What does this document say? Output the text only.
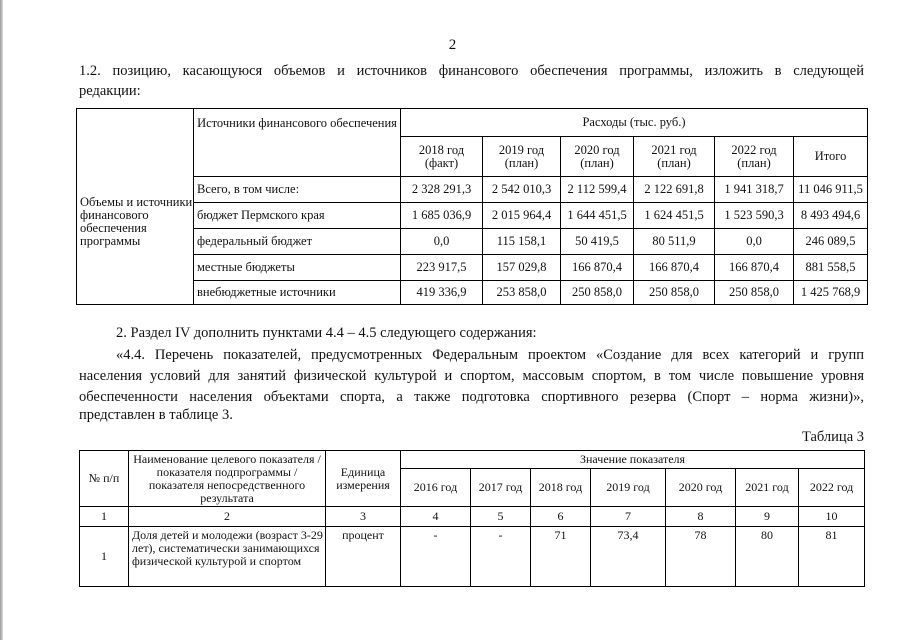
2
1.2. позицию, касающуюся объемов и источников финансового обеспечения программы, изложить в следующей
редакции:
Объемы и источники финансового обеспечения программы	Источники финансового обеспечения	Расходы (тыс. руб.)					
		2018 год (факт)	2019 год (план)	2020 год (план)	2021 год (план)	2022 год (план)	Итого
	Всего, в том числе:	2 328 291,3	2 542 010,3	2 112 599,4	2 122 691,8	1 941 318,7	11 046 911,5
	бюджет Пермского края	1 685 036,9	2 015 964,4	1 644 451,5	1 624 451,5	1 523 590,3	8 493 494,6
	федеральный бюджет	0,0	115 158,1	50 419,5	80 511,9	0,0	246 089,5
	местные бюджеты	223 917,5	157 029,8	166 870,4	166 870,4	166 870,4	881 558,5
	внебюджетные источники	419 336,9	253 858,0	250 858,0	250 858,0	250 858,0	1 425 768,9
2. Раздел IV дополнить пунктами 4.4 – 4.5 следующего содержания:
«4.4. Перечень показателей, предусмотренных Федеральным проектом «Создание для всех категорий и групп
населения условий для занятий физической культурой и спортом, массовым спортом, в том числе повышение уровня
обеспеченности населения объектами спорта, а также подготовка спортивного резерва (Спорт – норма жизни)»,
представлен в таблице 3.
Таблица 3
№ п/п	Наименование целевого показателя / показателя подпрограммы / показателя непосредственного результата	Единица измерения	Значение показателя						
			2016 год	2017 год	2018 год	2019 год	2020 год	2021 год	2022 год
1	2	3	4	5	6	7	8	9	10
1	Доля детей и молодежи (возраст 3-29 лет), систематически занимающихся физической культурой и спортом	процент	-	-	71	73,4	78	80	81
